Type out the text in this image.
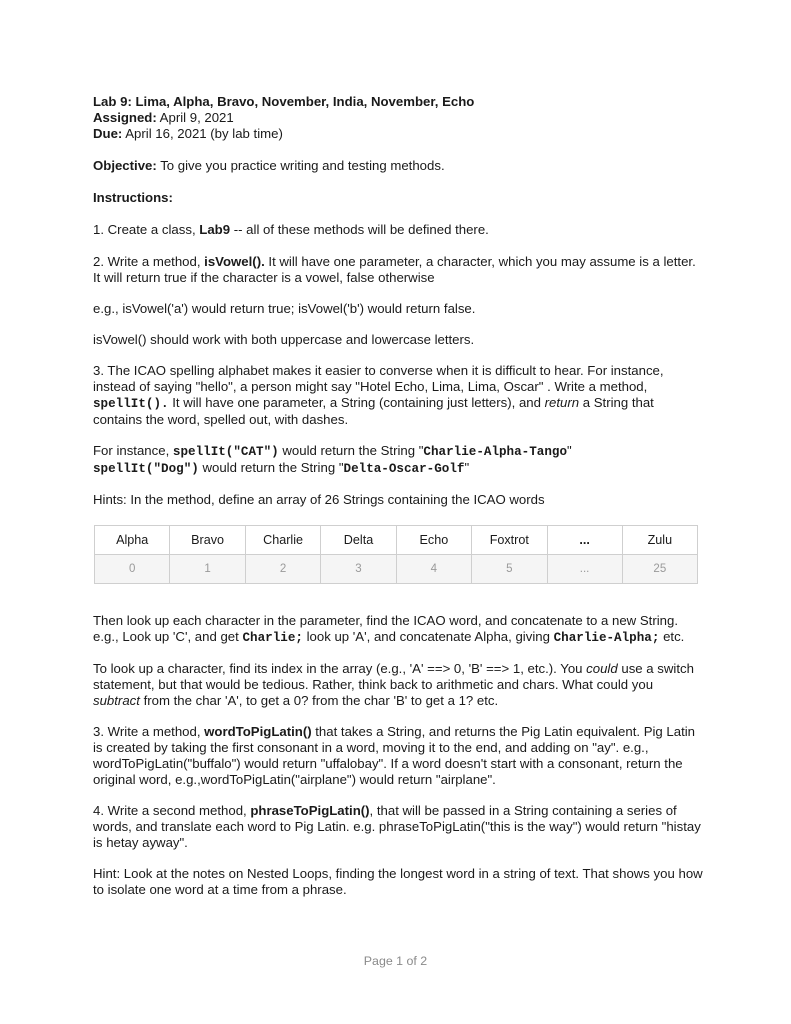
Lab 9: Lima, Alpha, Bravo, November, India, November, Echo

Assigned: April 9, 2021

Due: April 16, 2021 (by lab time)

Objective: To give you practice writing and testing methods.

Instructions:

1. Create a class, Lab9 -- all of these methods will be defined there.

2. Write a method, isVowel(). It will have one parameter, a character, which you may assume is a letter. It will return true if the character is a vowel, false otherwise

e.g., isVowel('a') would return true; isVowel('b') would return false.

isVowel() should work with both uppercase and lowercase letters.

3. The ICAO spelling alphabet makes it easier to converse when it is difficult to hear. For instance, instead of saying "hello", a person might say "Hotel Echo, Lima, Lima, Oscar" . Write a method, spellIt(). It will have one parameter, a String (containing just letters), and return a String that contains the word, spelled out, with dashes.

For instance, spellIt("CAT") would return the String "Charlie-Alpha-Tango"
spellIt("Dog") would return the String "Delta-Oscar-Golf"

Hints: In the method, define an array of 26 Strings containing the ICAO words

Alpha	Bravo	Charlie	Delta	Echo	Foxtrot	...	Zulu
0	1	2	3	4	5	...	25

Then look up each character in the parameter, find the ICAO word, and concatenate to a new String. e.g., Look up 'C', and get Charlie; look up 'A', and concatenate Alpha, giving Charlie-Alpha; etc.

To look up a character, find its index in the array (e.g., 'A' ==> 0, 'B' ==> 1, etc.). You could use a switch statement, but that would be tedious. Rather, think back to arithmetic and chars. What could you subtract from the char 'A', to get a 0? from the char 'B' to get a 1? etc.

3. Write a method, wordToPigLatin() that takes a String, and returns the Pig Latin equivalent. Pig Latin is created by taking the first consonant in a word, moving it to the end, and adding on "ay". e.g., wordToPigLatin("buffalo") would return "uffalobay". If a word doesn't start with a consonant, return the original word, e.g.,wordToPigLatin("airplane") would return "airplane".

4. Write a second method, phraseToPigLatin(), that will be passed in a String containing a series of words, and translate each word to Pig Latin. e.g. phraseToPigLatin("this is the way") would return "histay is hetay ayway".

Hint: Look at the notes on Nested Loops, finding the longest word in a string of text. That shows you how to isolate one word at a time from a phrase.

Page 1 of 2
